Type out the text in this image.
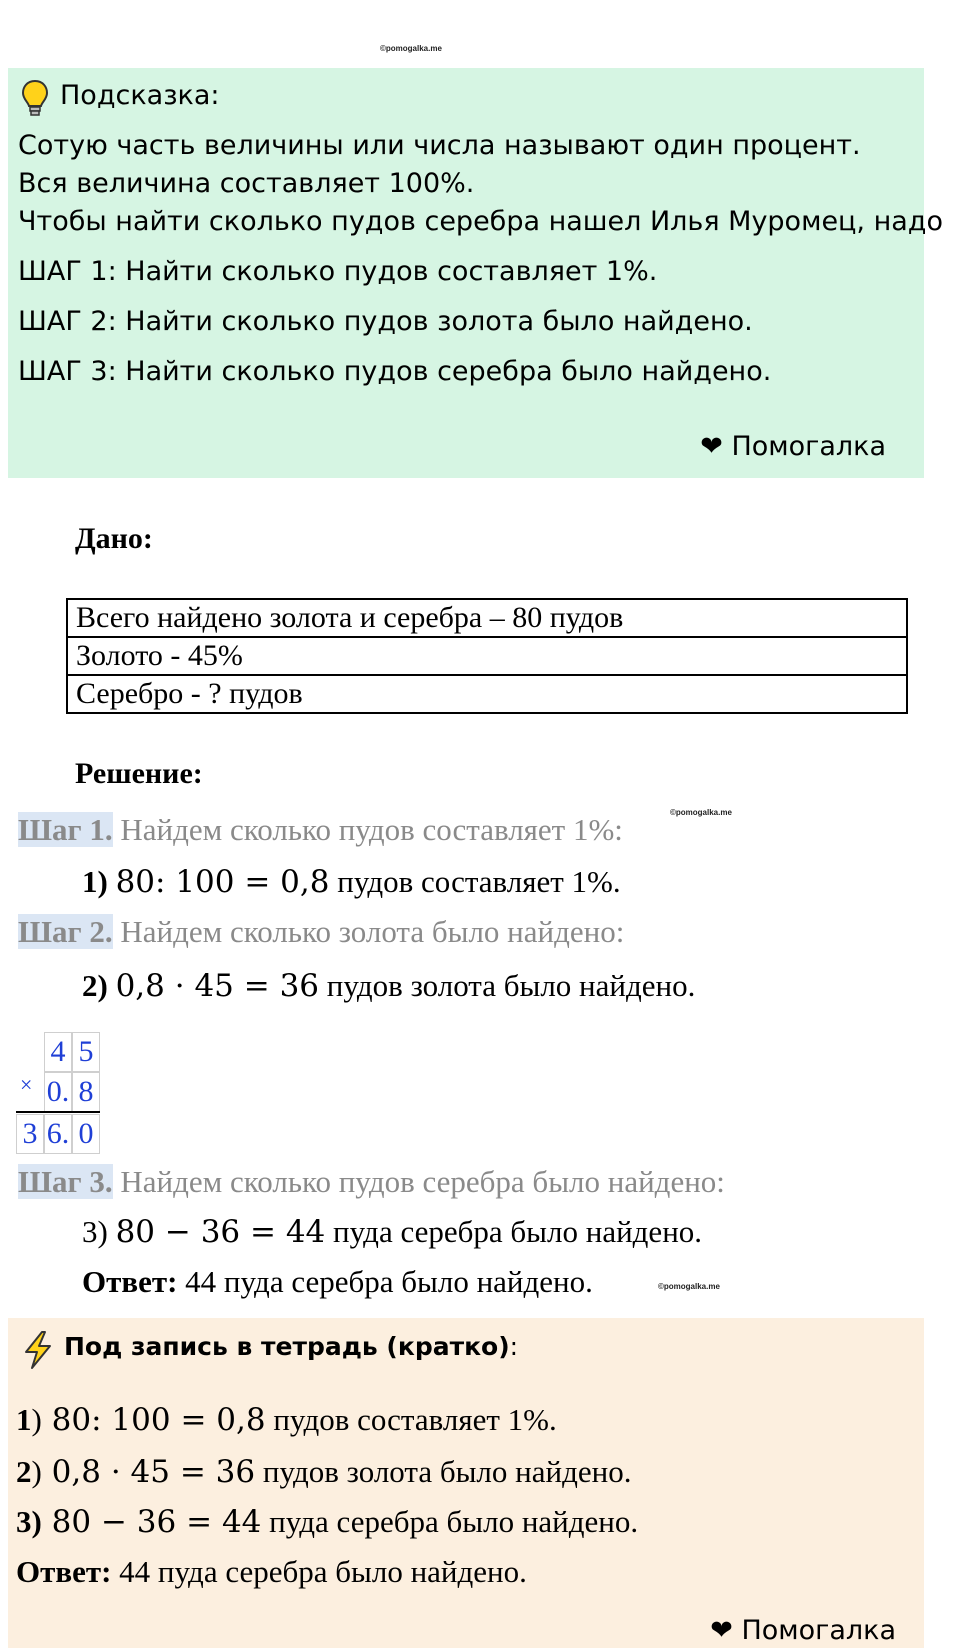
©pomogalka.me
Подсказка:
Сотую часть величины или числа называют один процент.
Вся величина составляет 100%.
Чтобы найти сколько пудов серебра нашел Илья Муромец, надо
ШАГ 1: Найти сколько пудов составляет 1%.
ШАГ 2: Найти сколько пудов золота было найдено.
ШАГ 3: Найти сколько пудов серебра было найдено.
❤ Помогалка
Дано:
Всего найдено золота и серебра – 80 пудов
Золото - 45%
Серебро - ? пудов
Решение:
©pomogalka.me
Шаг 1. Найдем сколько пудов составляет 1%:
1) 80: 100 = 0,8 пудов составляет 1%.
Шаг 2. Найдем сколько золота было найдено:
2) 0,8 · 45 = 36 пудов золота было найдено.
×
4 5
0. 8
3 6. 0
Шаг 3. Найдем сколько пудов серебра было найдено:
3) 80 − 36 = 44 пуда серебра было найдено.
Ответ: 44 пуда серебра было найдено.	©pomogalka.me
Под запись в тетрадь (кратко):
1) 80: 100 = 0,8 пудов составляет 1%.
2) 0,8 · 45 = 36 пудов золота было найдено.
3) 80 − 36 = 44 пуда серебра было найдено.
Ответ: 44 пуда серебра было найдено.
❤ Помогалка
